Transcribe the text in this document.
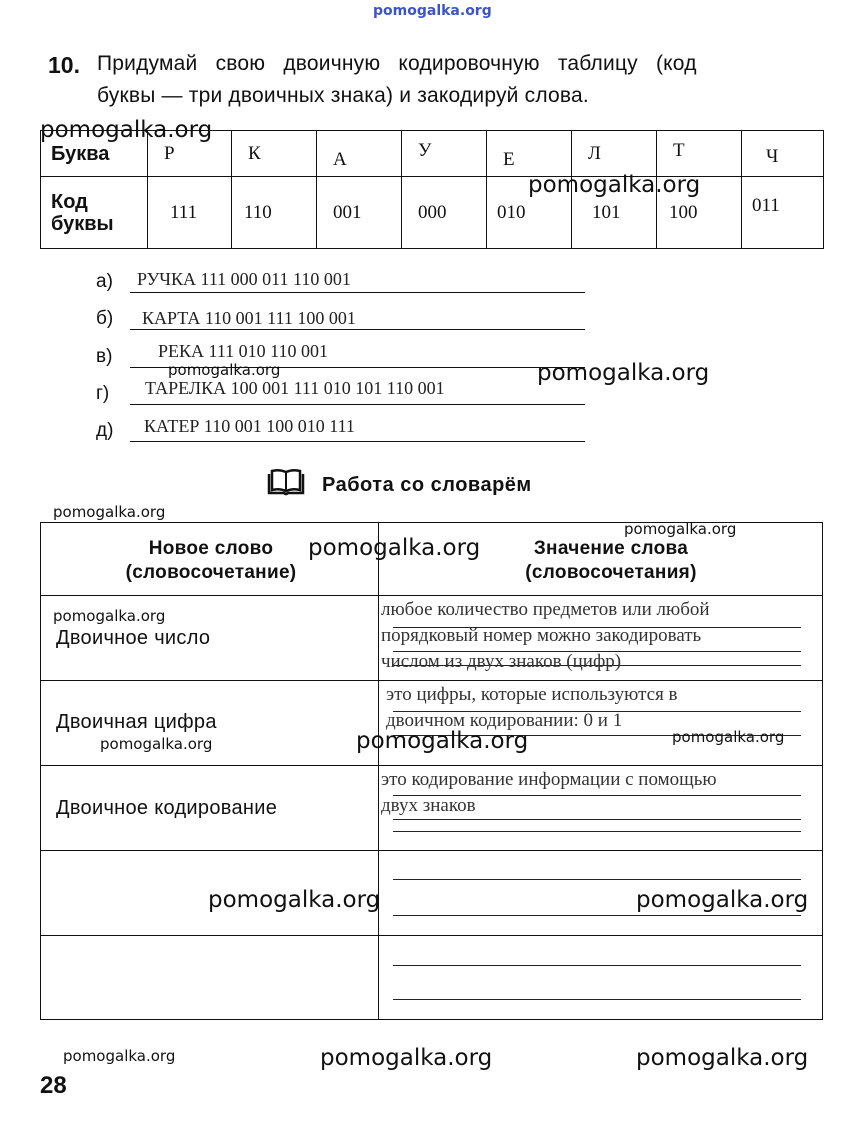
pomogalka.org
10. Придумай   свою   двоичную   кодировочную   таблицу   (код
буквы — три двоичных знака) и закодируй слова.
Буква	Р	К	А	У	Е	Л	Т	Ч
Код
буквы	111	110	001	000	010	101	100	011
pomogalka.org
pomogalka.org
а) РУЧКА 111 000 011 110 001
б) КАРТА 110 001 111 100 001
в)	РЕКА 111 010 110 001
г) ТАРЕЛКА 100 001 111 010 101 110 001
д) КАТЕР 110 001 100 010 111
pomogalka.org	pomogalka.org
Работа со словарём
Новое слово
(словосочетание)
Значение слова
(словосочетания)
Двоичное число
любое количество предметов или любой
порядковый номер можно закодировать
числом из двух знаков (цифр)
Двоичная цифра
это цифры, которые используются в
двоичном кодировании: 0 и 1
Двоичное кодирование
это кодирование информации с помощью
двух знаков
pomogalka.org
pomogalka.org
pomogalka.org
pomogalka.org
pomogalka.org	pomogalka.org	pomogalka.org
pomogalka.org	pomogalka.org
pomogalka.org	pomogalka.org	pomogalka.org
28
